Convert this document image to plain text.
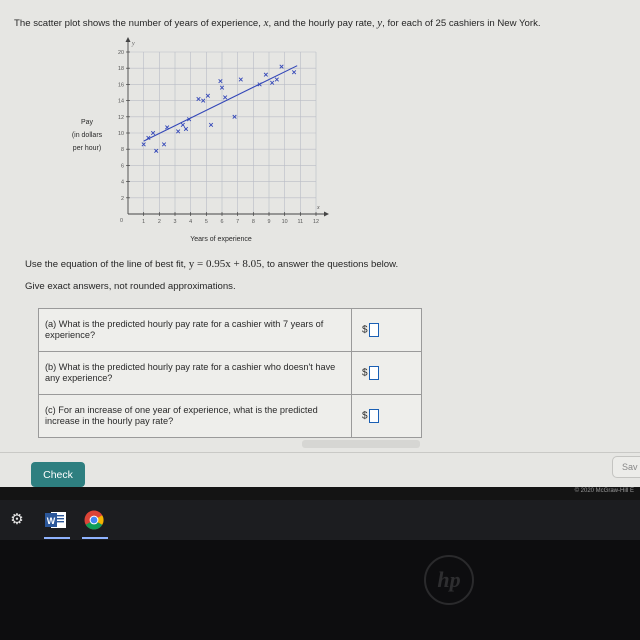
The scatter plot shows the number of years of experience, x, and the hourly pay rate, y, for each of 25 cashiers in New York.
1 2 3 4 5 6 7 8 9 10 11 12
2
4
6
8
10
12
14
16
18
20
0
x
y
Years of experience
Pay
(in dollars
per hour)
Use the equation of the line of best fit, y = 0.95x + 8.05, to answer the questions below.
Give exact answers, not rounded approximations.
(a) What is the predicted hourly pay rate for a cashier with 7 years of experience?	$
(b) What is the predicted hourly pay rate for a cashier who doesn't have any experience?	$
(c) For an increase of one year of experience, what is the predicted increase in the hourly pay rate?	$
Check
Sav
© 2020 McGraw-Hill E
⚙	W
hp
